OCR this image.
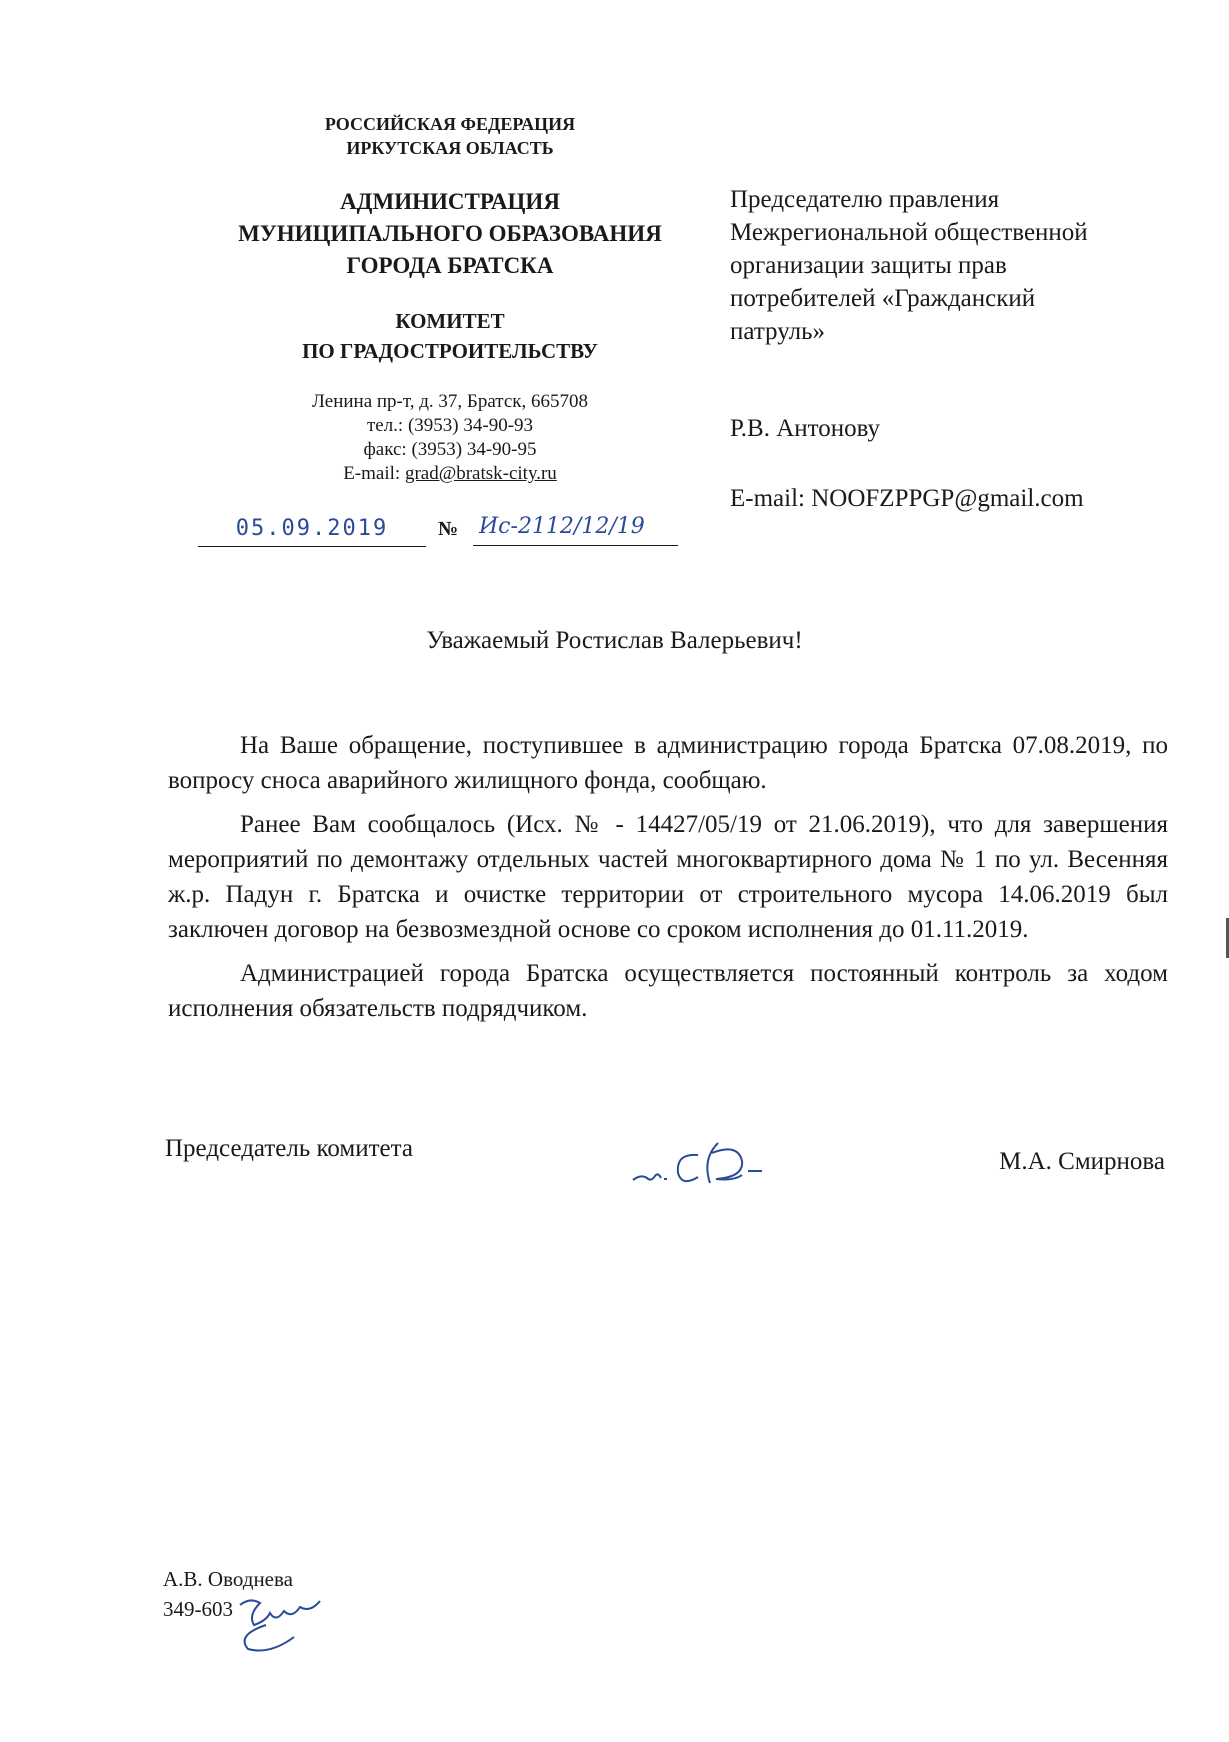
РОССИЙСКАЯ ФЕДЕРАЦИЯ
ИРКУТСКАЯ ОБЛАСТЬ
АДМИНИСТРАЦИЯ
МУНИЦИПАЛЬНОГО ОБРАЗОВАНИЯ
ГОРОДА БРАТСКА
КОМИТЕТ
ПО ГРАДОСТРОИТЕЛЬСТВУ
Ленина пр-т, д. 37, Братск, 665708
тел.: (3953) 34-90-93
факс: (3953) 34-90-95
E-mail: grad@bratsk-city.ru
05.09.2019	№ Ис-2112/12/19
Председателю правления
Межрегиональной общественной
организации защиты прав
потребителей «Гражданский
патруль»
Р.В. Антонову
E-mail: NOOFZPPGP@gmail.com
Уважаемый Ростислав Валерьевич!

На Ваше обращение, поступившее в администрацию города Братска 07.08.2019, по вопросу сноса аварийного жилищного фонда, сообщаю.

Ранее Вам сообщалось (Исх. № - 14427/05/19 от 21.06.2019), что для завершения мероприятий по демонтажу отдельных частей многоквартирного дома № 1 по ул. Весенняя ж.р. Падун г. Братска и очистке территории от строительного мусора 14.06.2019 был заключен договор на безвозмездной основе со сроком исполнения до 01.11.2019.

Администрацией города Братска осуществляется постоянный контроль за ходом исполнения обязательств подрядчиком.

Председатель комитета	М.А. Смирнова
А.В. Оводнева
349-603
